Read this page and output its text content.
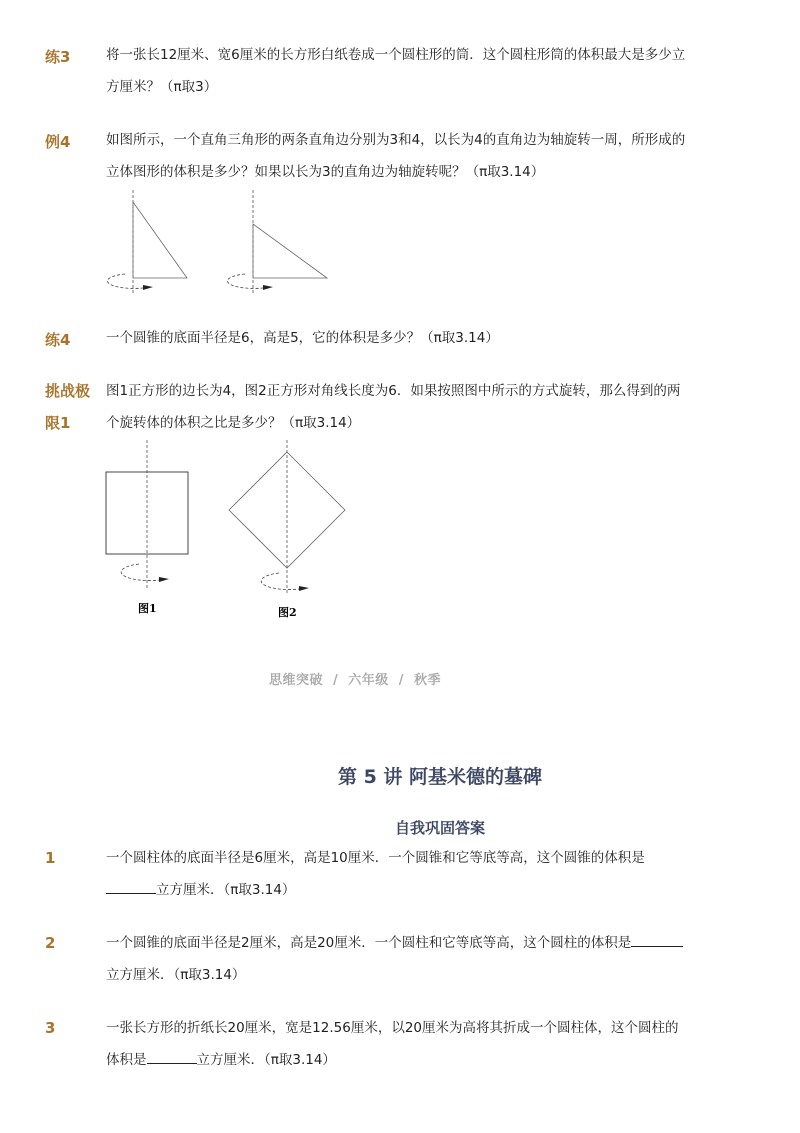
练3	将一张长12厘米、宽6厘米的长方形白纸卷成一个圆柱形的筒．这个圆柱形筒的体积最大是多少立
方厘米？（π取3）
例4	如图所示，一个直角三角形的两条直角边分别为3和4，以长为4的直角边为轴旋转一周，所形成的
立体图形的体积是多少？如果以长为3的直角边为轴旋转呢？（π取3.14）
练4	一个圆锥的底面半径是6，高是5，它的体积是多少？（π取3.14）
挑战极
限1
图1正方形的边长为4，图2正方形对角线长度为6．如果按照图中所示的方式旋转，那么得到的两
个旋转体的体积之比是多少？（π取3.14）
图1	图2
思维突破 / 六年级 / 秋季
第 5 讲 阿基米德的墓碑
自我巩固答案
1	一个圆柱体的底面半径是6厘米，高是10厘米．一个圆锥和它等底等高，这个圆锥的体积是
立方厘米．（π取3.14）
2	一个圆锥的底面半径是2厘米，高是20厘米．一个圆柱和它等底等高，这个圆柱的体积是
立方厘米．（π取3.14）
3	一张长方形的折纸长20厘米，宽是12.56厘米，以20厘米为高将其折成一个圆柱体，这个圆柱的
体积是	立方厘米．（π取3.14）
